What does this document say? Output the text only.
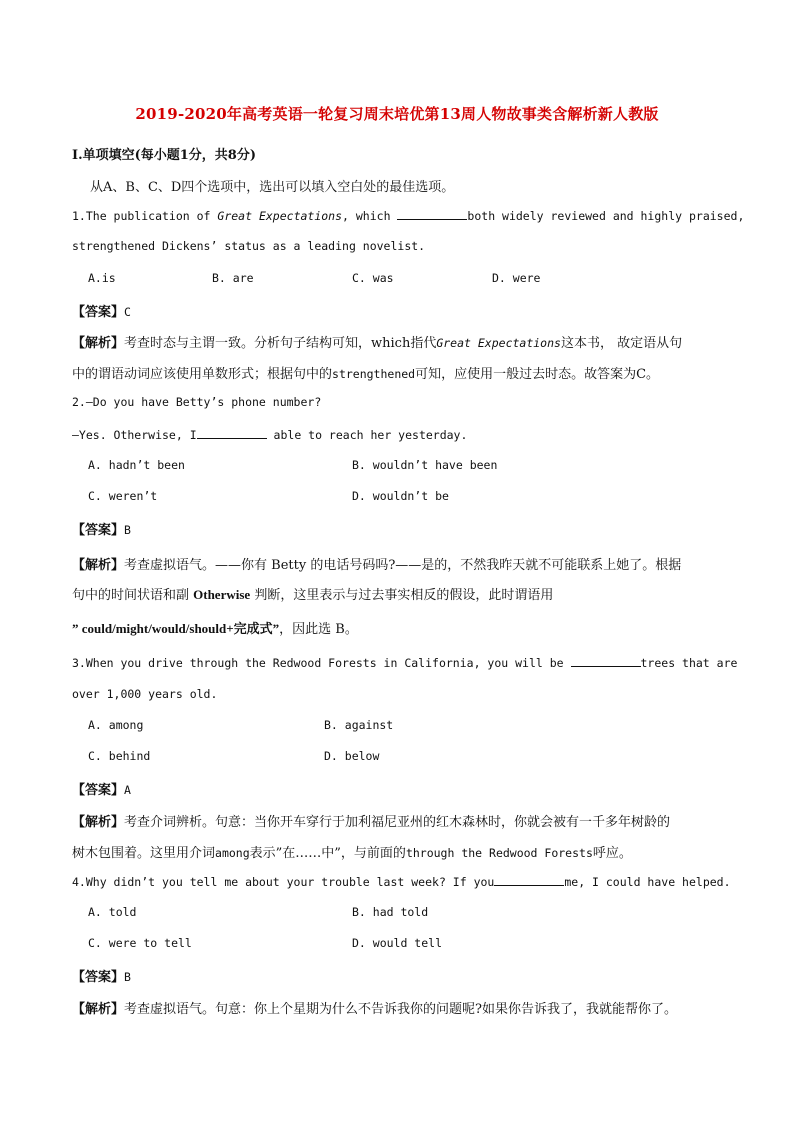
2019-2020年高考英语一轮复习周末培优第13周人物故事类含解析新人教版
I.单项填空(每小题1分，共8分)
从A、B、C、D四个选项中，选出可以填入空白处的最佳选项。
1.The publication of Great Expectations, which	both widely reviewed and highly praised,
strengthened Dickens’ status as a leading novelist.
A.is	B. are	C. was	D. were
【答案】C
【解析】考查时态与主谓一致。分析句子结构可知，which指代Great Expectations这本书， 故定语从句
中的谓语动词应该使用单数形式；根据句中的strengthened可知，应使用一般过去时态。故答案为C。
2.—Do you have Betty’s phone number?
—Yes. Otherwise, I	able to reach her yesterday.
A. hadn’t been	B. wouldn’t have been
C. weren’t	D. wouldn’t be
【答案】B
【解析】考查虚拟语气。——你有 Betty 的电话号码吗?——是的，不然我昨天就不可能联系上她了。根据
句中的时间状语和副 Otherwise 判断，这里表示与过去事实相反的假设，此时谓语用
” could/might/would/should+完成式”，因此选 B。
3.When you drive through the Redwood Forests in California, you will be	trees that are
over 1,000 years old.
A. among	B. against
C. behind	D. below
【答案】A
【解析】考查介词辨析。句意：当你开车穿行于加利福尼亚州的红木森林时，你就会被有一千多年树龄的
树木包围着。这里用介词among表示”在……中”，与前面的through the Redwood Forests呼应。
4.Why didn’t you tell me about your trouble last week? If you	me, I could have helped.
A. told	B. had told
C. were to tell	D. would tell
【答案】B
【解析】考查虚拟语气。句意：你上个星期为什么不告诉我你的问题呢?如果你告诉我了，我就能帮你了。
